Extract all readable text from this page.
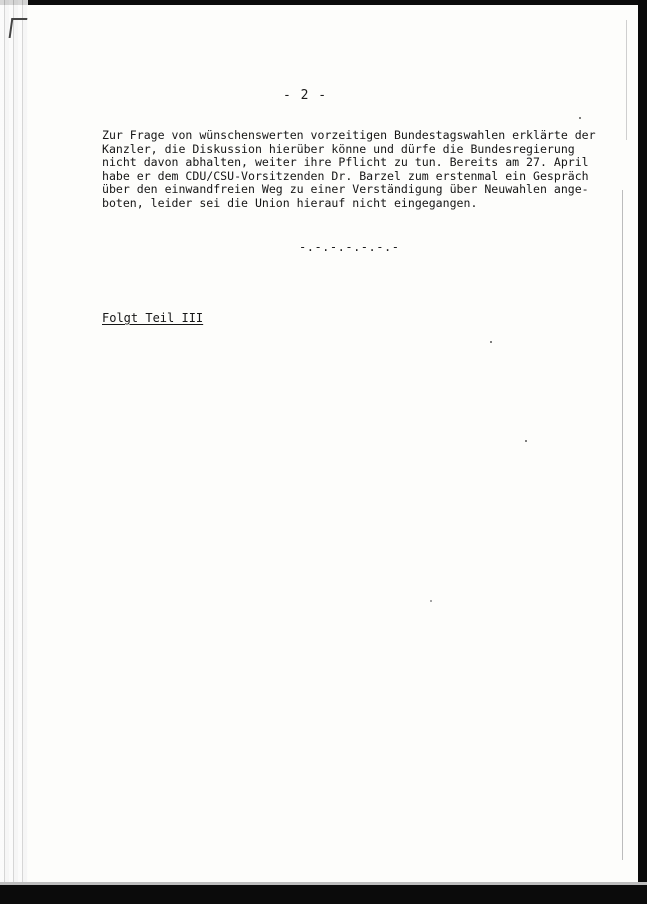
- 2 -
Zur Frage von wünschenswerten vorzeitigen Bundestagswahlen erklärte der
Kanzler, die Diskussion hierüber könne und dürfe die Bundesregierung
nicht davon abhalten, weiter ihre Pflicht zu tun. Bereits am 27. April
habe er dem CDU/CSU-Vorsitzenden Dr. Barzel zum erstenmal ein Gespräch
über den einwandfreien Weg zu einer Verständigung über Neuwahlen ange-
boten, leider sei die Union hierauf nicht eingegangen.
-.-.-.-.-.-.-
Folgt Teil III
